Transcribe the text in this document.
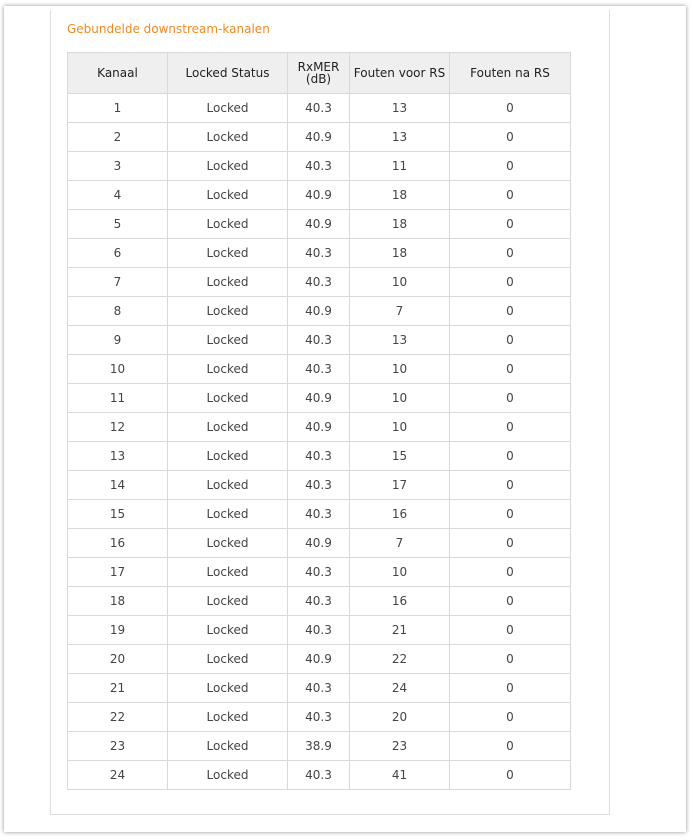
Gebundelde downstream-kanalen
Kanaal	Locked Status	RxMER (dB)	Fouten voor RS	Fouten na RS
1	Locked	40.3	13	0
2	Locked	40.9	13	0
3	Locked	40.3	11	0
4	Locked	40.9	18	0
5	Locked	40.9	18	0
6	Locked	40.3	18	0
7	Locked	40.3	10	0
8	Locked	40.9	7	0
9	Locked	40.3	13	0
10	Locked	40.3	10	0
11	Locked	40.9	10	0
12	Locked	40.9	10	0
13	Locked	40.3	15	0
14	Locked	40.3	17	0
15	Locked	40.3	16	0
16	Locked	40.9	7	0
17	Locked	40.3	10	0
18	Locked	40.3	16	0
19	Locked	40.3	21	0
20	Locked	40.9	22	0
21	Locked	40.3	24	0
22	Locked	40.3	20	0
23	Locked	38.9	23	0
24	Locked	40.3	41	0
